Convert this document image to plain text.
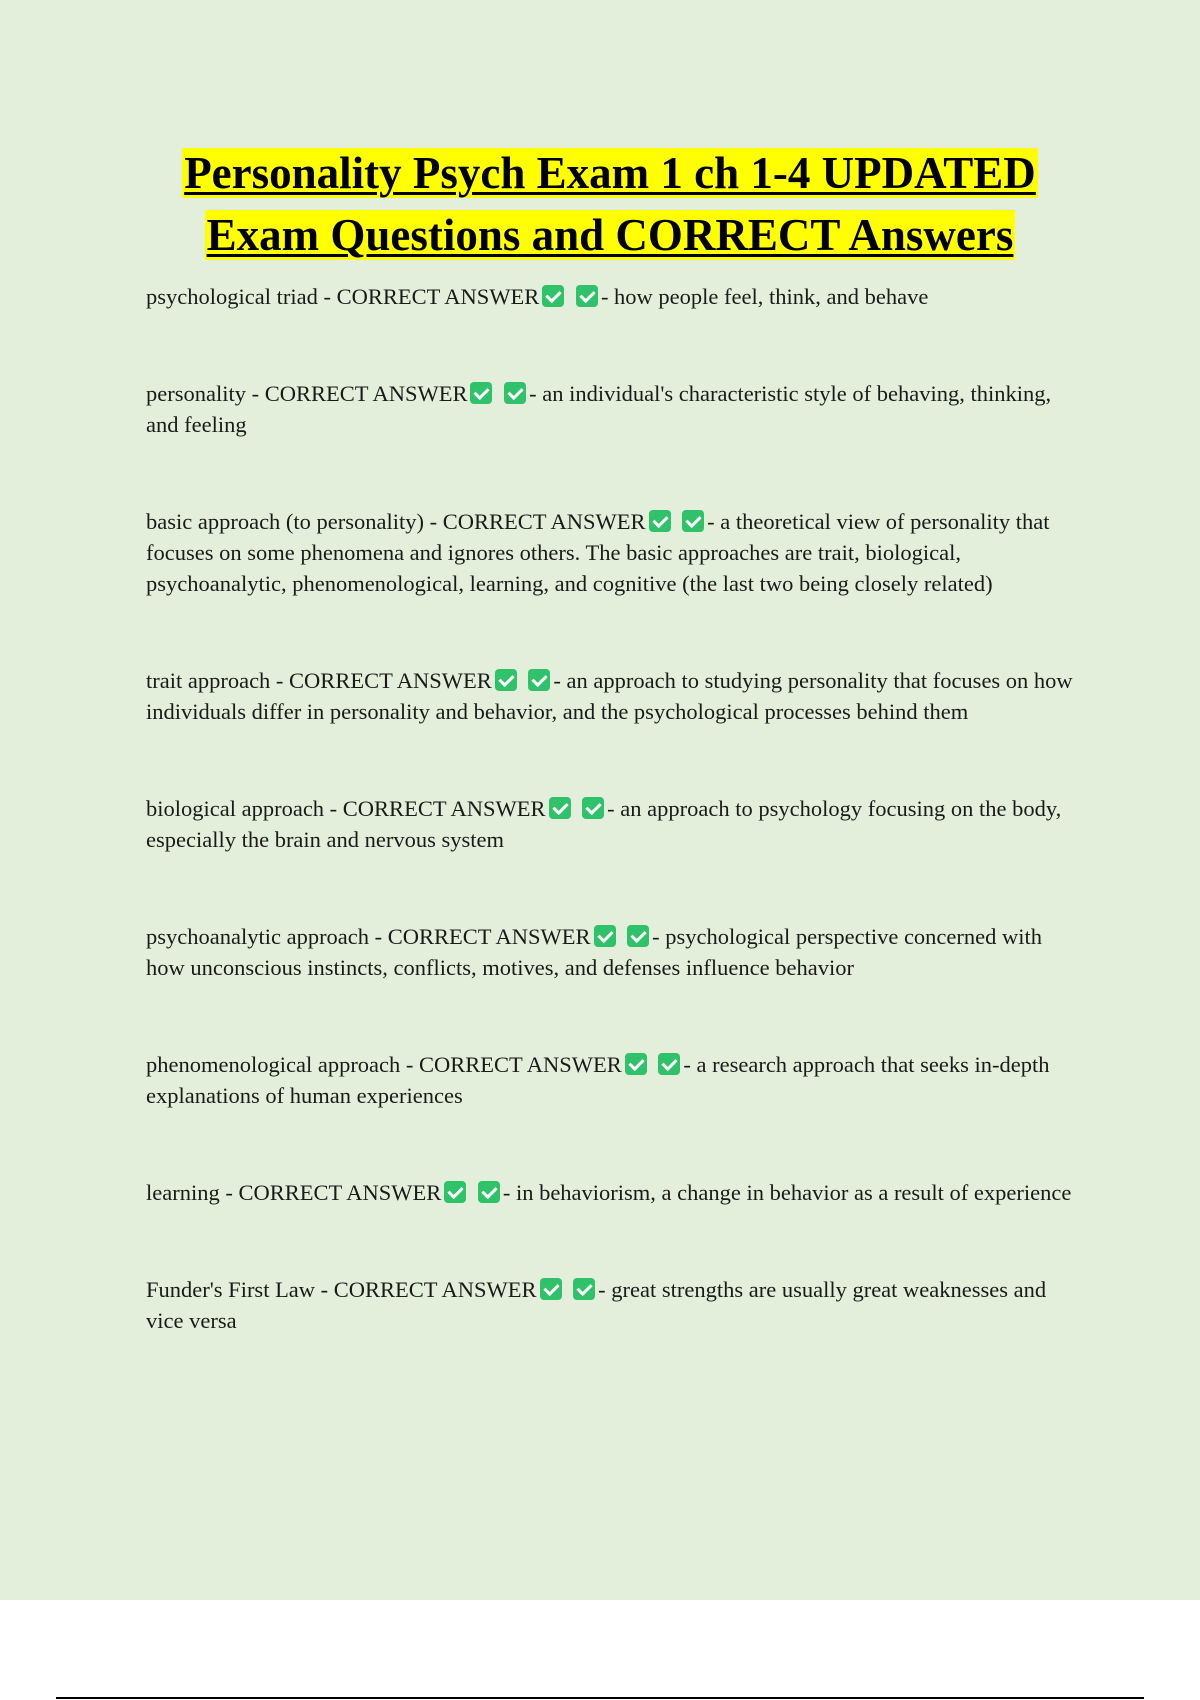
Personality Psych Exam 1 ch 1-4 UPDATED
Exam Questions and CORRECT Answers

psychological triad - CORRECT ANSWER	- how people feel, think, and behave

personality - CORRECT ANSWER	- an individual's characteristic style of behaving, thinking, and feeling

basic approach (to personality) - CORRECT ANSWER	- a theoretical view of personality that focuses on some phenomena and ignores others. The basic approaches are trait, biological, psychoanalytic, phenomenological, learning, and cognitive (the last two being closely related)

trait approach - CORRECT ANSWER	- an approach to studying personality that focuses on how individuals differ in personality and behavior, and the psychological processes behind them

biological approach - CORRECT ANSWER	- an approach to psychology focusing on the body, especially the brain and nervous system

psychoanalytic approach - CORRECT ANSWER	- psychological perspective concerned with how unconscious instincts, conflicts, motives, and defenses influence behavior

phenomenological approach - CORRECT ANSWER	- a research approach that seeks in-depth explanations of human experiences

learning - CORRECT ANSWER	- in behaviorism, a change in behavior as a result of experience

Funder's First Law - CORRECT ANSWER	- great strengths are usually great weaknesses and vice versa
